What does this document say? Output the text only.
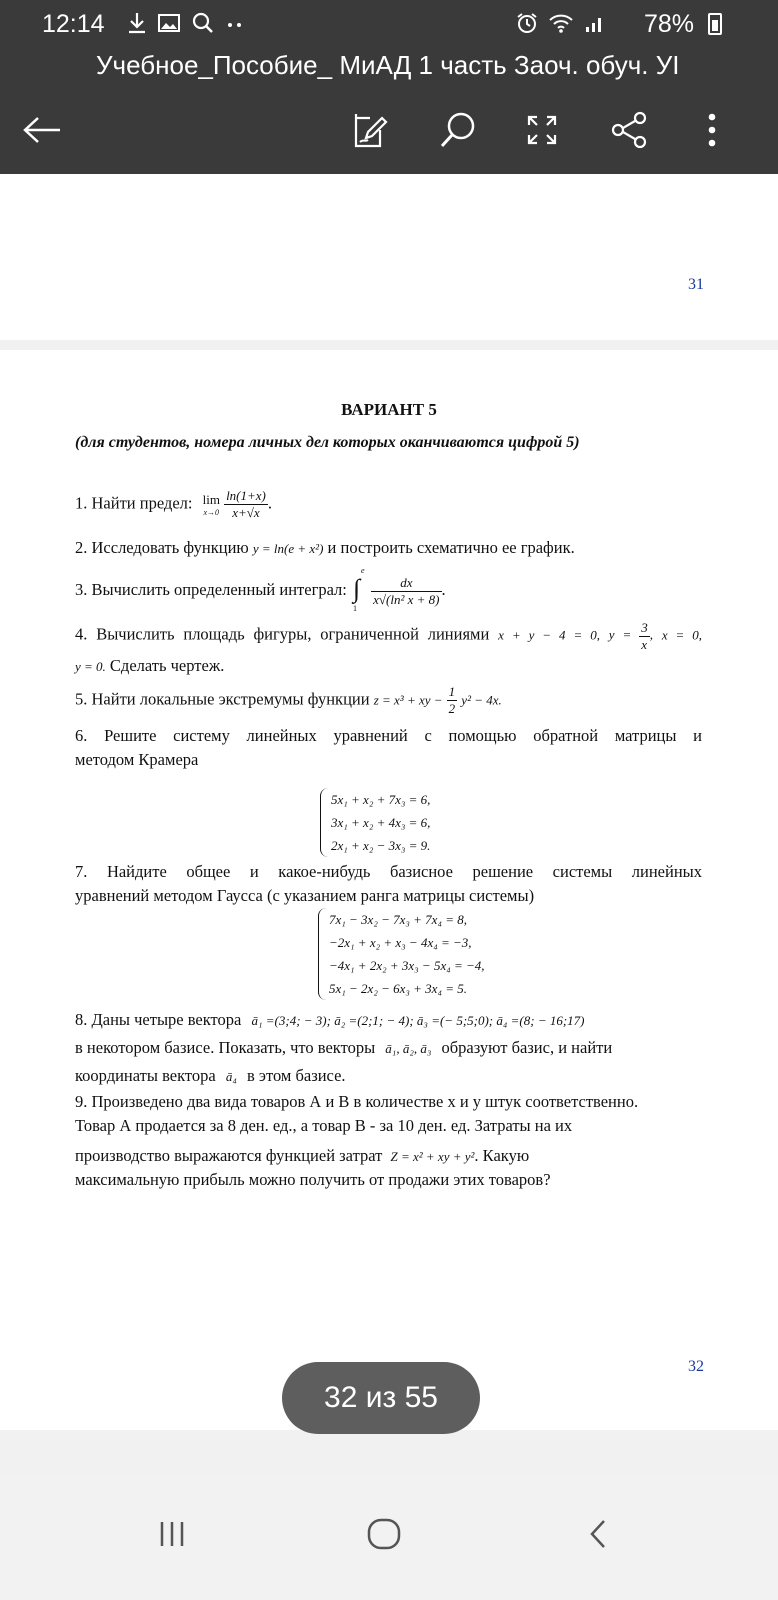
12:14	78%
Учебное_Пособие_ МиАД 1 часть Заоч. обуч. УI
31
ВАРИАНТ 5
(для студентов, номера личных дел которых оканчиваются цифрой 5)
1. Найти предел: lim
x→0
$\frac{\ln(1+x)}{x+√x}$ .
2. Исследовать функцию y = ln(e + x²) и построить схематично ее график.
3. Вычислить определенный интеграл: ∫
e
1

$\frac{dx}{\text{x√(ln² x + 8)}}$ .
4. Вычислить площадь фигуры, ограниченной линиями x + y − 4 = 0, $y = \frac{3}{x}$ , x = 0,
y = 0. Сделать чертеж.
5. Найти локальные экстремумы функции z = x³ + xy − $\frac{1}{2} y^2 - 4x$.
6. Решите систему линейных уравнений с помощью обратной матрицы и
методом Крамера
5x₁ + x₂ + 7x₃ = 6,
3x₁ + x₂ + 4x₃ = 6,
2x₁ + x₂ − 3x₃ = 9.
7. Найдите общее и какое-нибудь базисное решение системы линейных
уравнений методом Гаусса (с указанием ранга матрицы системы)
7x₁ − 3x₂ − 7x₃ + 7x₄ = 8,
−2x₁ + x₂ + x₃ − 4x₄ = −3,
−4x₁ + 2x₂ + 3x₃ − 5x₄ = −4,
5x₁ − 2x₂ − 6x₃ + 3x₄ = 5.
8. Даны четыре вектора ā₁ =(3;4; − 3); ā₂ =(2;1; − 4); ā₃ =(− 5;5;0); ā₄ =(8; − 16;17)
в некотором базисе. Показать, что векторы ā₁, ā₂, ā₃ образуют базис, и найти
координаты вектора ā₄ в этом базисе.
9. Произведено два вида товаров А и В в количестве x и y штук соответственно.
Товар А продается за 8 ден. ед., а товар В - за 10 ден. ед. Затраты на их
производство выражаются функцией затрат Z = x² + xy + y². Какую
максимальную прибыль можно получить от продажи этих товаров?
32
32 из 55
